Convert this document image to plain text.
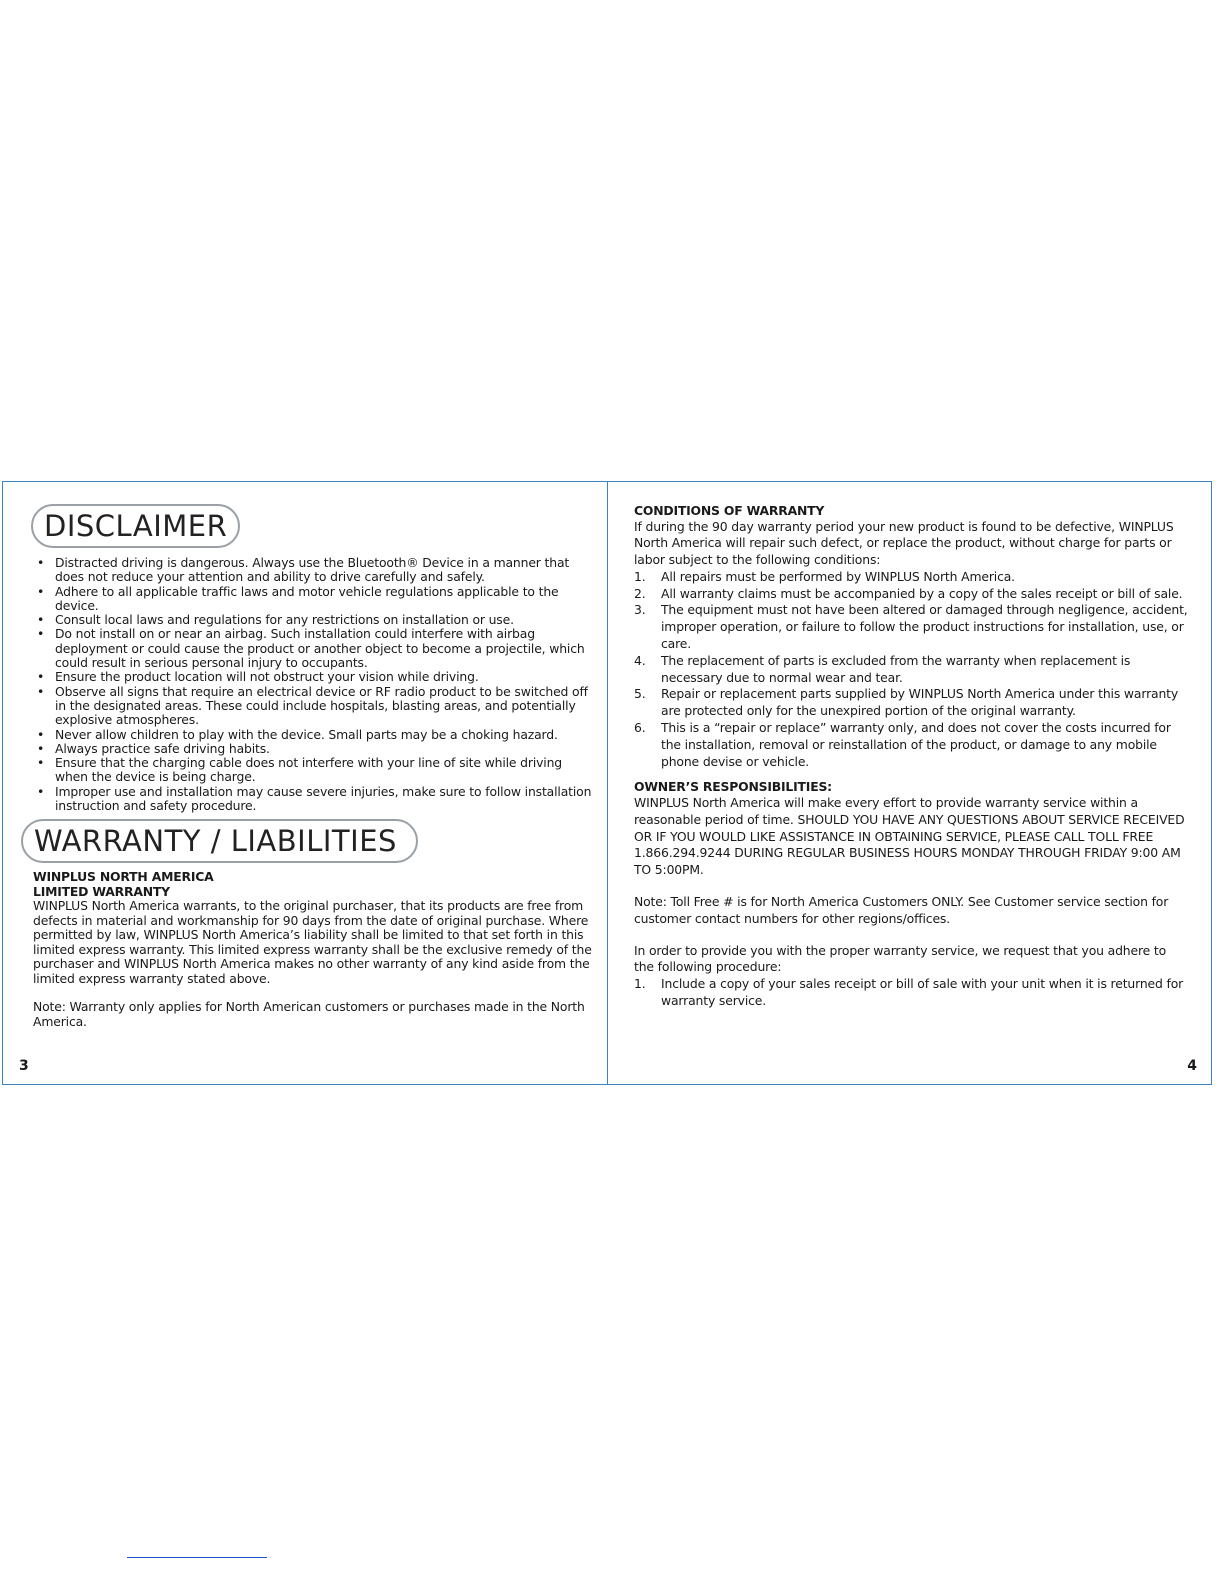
DISCLAIMER
• Distracted driving is dangerous. Always use the Bluetooth® Device in a manner that does not reduce your attention and ability to drive carefully and safely.
• Adhere to all applicable traffic laws and motor vehicle regulations applicable to the device.
• Consult local laws and regulations for any restrictions on installation or use.
• Do not install on or near an airbag. Such installation could interfere with airbag deployment or could cause the product or another object to become a projectile, which could result in serious personal injury to occupants.
• Ensure the product location will not obstruct your vision while driving.
• Observe all signs that require an electrical device or RF radio product to be switched off in the designated areas. These could include hospitals, blasting areas, and potentially explosive atmospheres.
• Never allow children to play with the device. Small parts may be a choking hazard.
• Always practice safe driving habits.
• Ensure that the charging cable does not interfere with your line of site while driving when the device is being charge.
• Improper use and installation may cause severe injuries, make sure to follow installation instruction and safety procedure.
WARRANTY / LIABILITIES
WINPLUS NORTH AMERICA
LIMITED WARRANTY

WINPLUS North America warrants, to the original purchaser, that its products are free from defects in material and workmanship for 90 days from the date of original purchase. Where permitted by law, WINPLUS North America’s liability shall be limited to that set forth in this limited express warranty. This limited express warranty shall be the exclusive remedy of the purchaser and WINPLUS North America makes no other warranty of any kind aside from the limited express warranty stated above.

Note: Warranty only applies for North American customers or purchases made in the North America.

3
CONDITIONS OF WARRANTY

If during the 90 day warranty period your new product is found to be defective, WINPLUS North America will repair such defect, or replace the product, without charge for parts or labor subject to the following conditions:

1. All repairs must be performed by WINPLUS North America.
2. All warranty claims must be accompanied by a copy of the sales receipt or bill of sale.
3. The equipment must not have been altered or damaged through negligence, accident, improper operation, or failure to follow the product instructions for installation, use, or care.
4. The replacement of parts is excluded from the warranty when replacement is necessary due to normal wear and tear.
5. Repair or replacement parts supplied by WINPLUS North America under this warranty are protected only for the unexpired portion of the original warranty.
6. This is a “repair or replace” warranty only, and does not cover the costs incurred for the installation, removal or reinstallation of the product, or damage to any mobile phone devise or vehicle.
OWNER’S RESPONSIBILITIES:

WINPLUS North America will make every effort to provide warranty service within a reasonable period of time. SHOULD YOU HAVE ANY QUESTIONS ABOUT SERVICE RECEIVED OR IF YOU WOULD LIKE ASSISTANCE IN OBTAINING SERVICE, PLEASE CALL TOLL FREE 1.866.294.9244 DURING REGULAR BUSINESS HOURS MONDAY THROUGH FRIDAY 9:00 AM TO 5:00PM.

Note: Toll Free # is for North America Customers ONLY. See Customer service section for customer contact numbers for other regions/offices.

In order to provide you with the proper warranty service, we request that you adhere to the following procedure:

1. Include a copy of your sales receipt or bill of sale with your unit when it is returned for warranty service.
4
